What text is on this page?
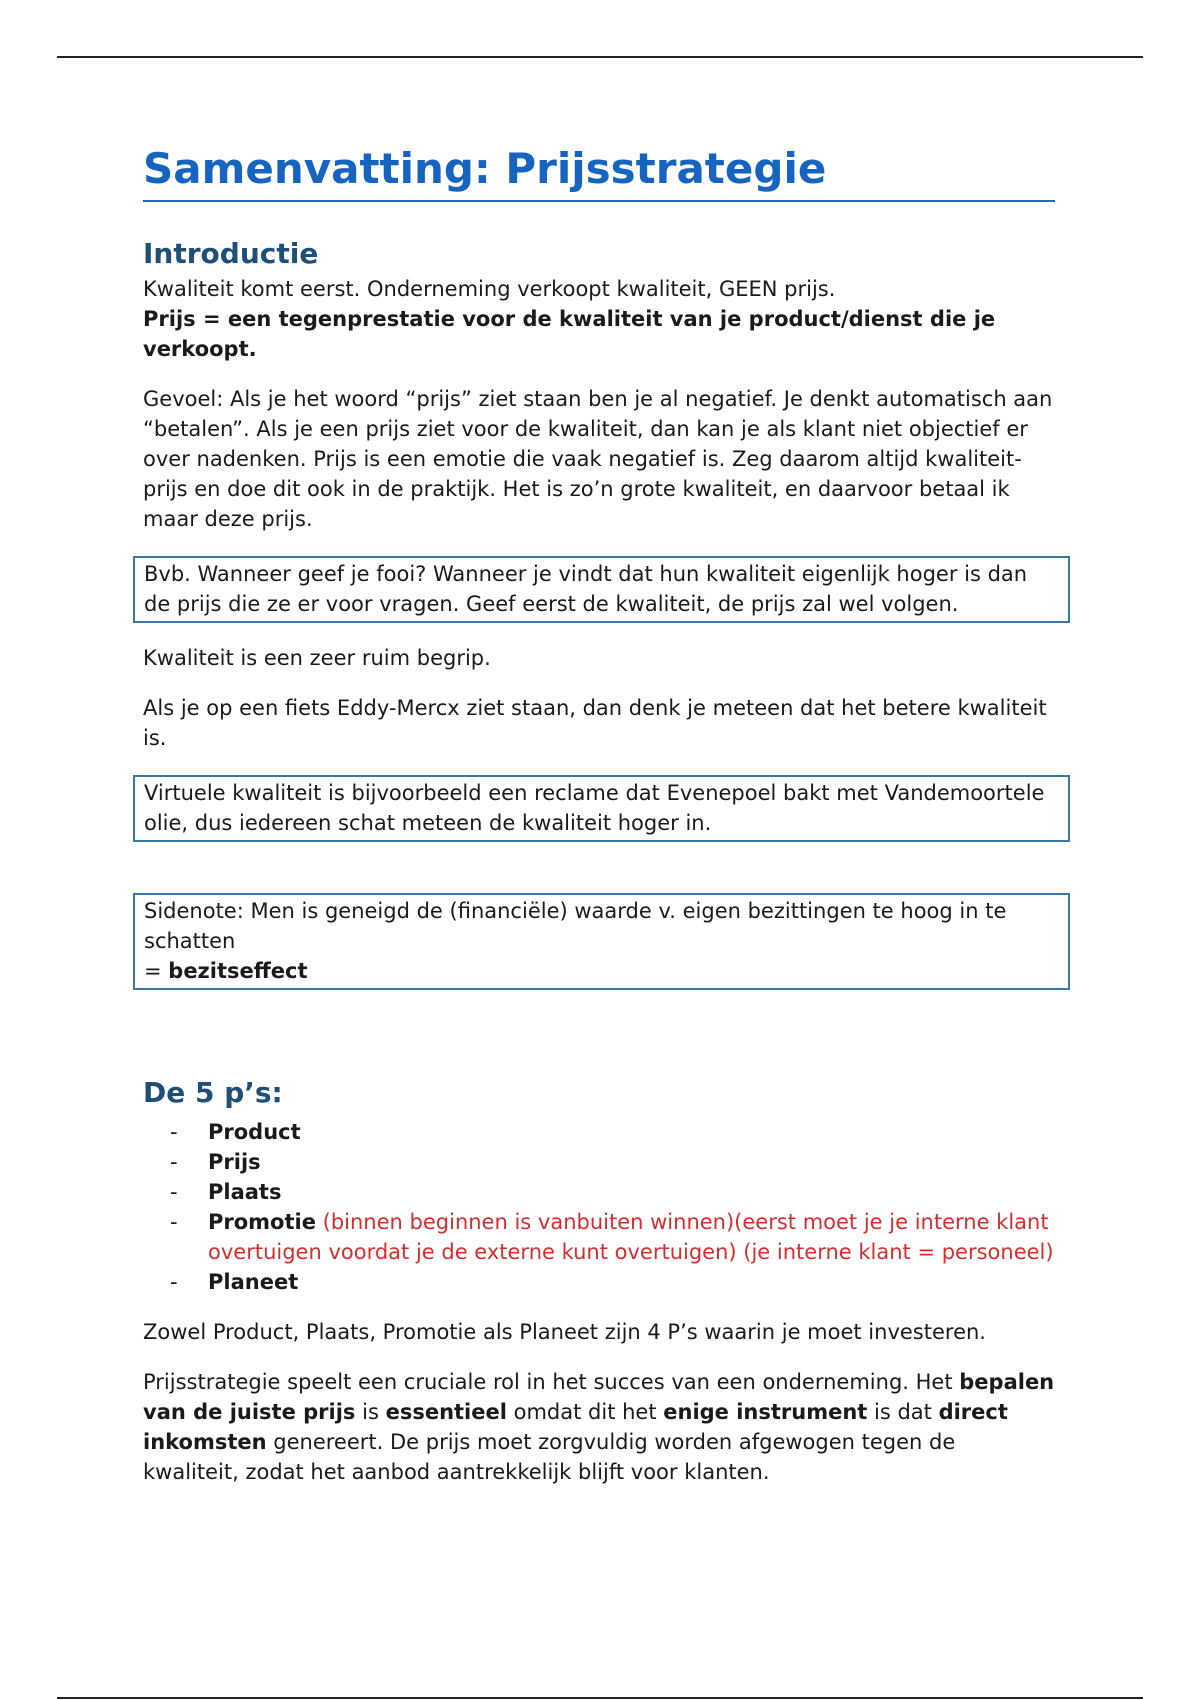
Samenvatting: Prijsstrategie
Introductie

Kwaliteit komt eerst. Onderneming verkoopt kwaliteit, GEEN prijs.

Prijs = een tegenprestatie voor de kwaliteit van je product/dienst die je verkoopt.

Gevoel: Als je het woord “prijs” ziet staan ben je al negatief. Je denkt automatisch aan “betalen”. Als je een prijs ziet voor de kwaliteit, dan kan je als klant niet objectief er over nadenken. Prijs is een emotie die vaak negatief is. Zeg daarom altijd kwaliteit-prijs en doe dit ook in de praktijk. Het is zo’n grote kwaliteit, en daarvoor betaal ik maar deze prijs.

Bvb. Wanneer geef je fooi? Wanneer je vindt dat hun kwaliteit eigenlijk hoger is dan de prijs die ze er voor vragen. Geef eerst de kwaliteit, de prijs zal wel volgen.

Kwaliteit is een zeer ruim begrip.

Als je op een fiets Eddy-Mercx ziet staan, dan denk je meteen dat het betere kwaliteit is.

Virtuele kwaliteit is bijvoorbeeld een reclame dat Evenepoel bakt met Vandemoortele olie, dus iedereen schat meteen de kwaliteit hoger in.
Sidenote: Men is geneigd de (financiële) waarde v. eigen bezittingen te hoog in te schatten
= bezitseffect
De 5 p’s:
- Product
- Prijs
- Plaats
- Promotie (binnen beginnen is vanbuiten winnen)(eerst moet je je interne klant overtuigen voordat je de externe kunt overtuigen) (je interne klant = personeel)
- Planeet

Zowel Product, Plaats, Promotie als Planeet zijn 4 P’s waarin je moet investeren.

Prijsstrategie speelt een cruciale rol in het succes van een onderneming. Het bepalen van de juiste prijs is essentieel omdat dit het enige instrument is dat direct inkomsten genereert. De prijs moet zorgvuldig worden afgewogen tegen de kwaliteit, zodat het aanbod aantrekkelijk blijft voor klanten.
